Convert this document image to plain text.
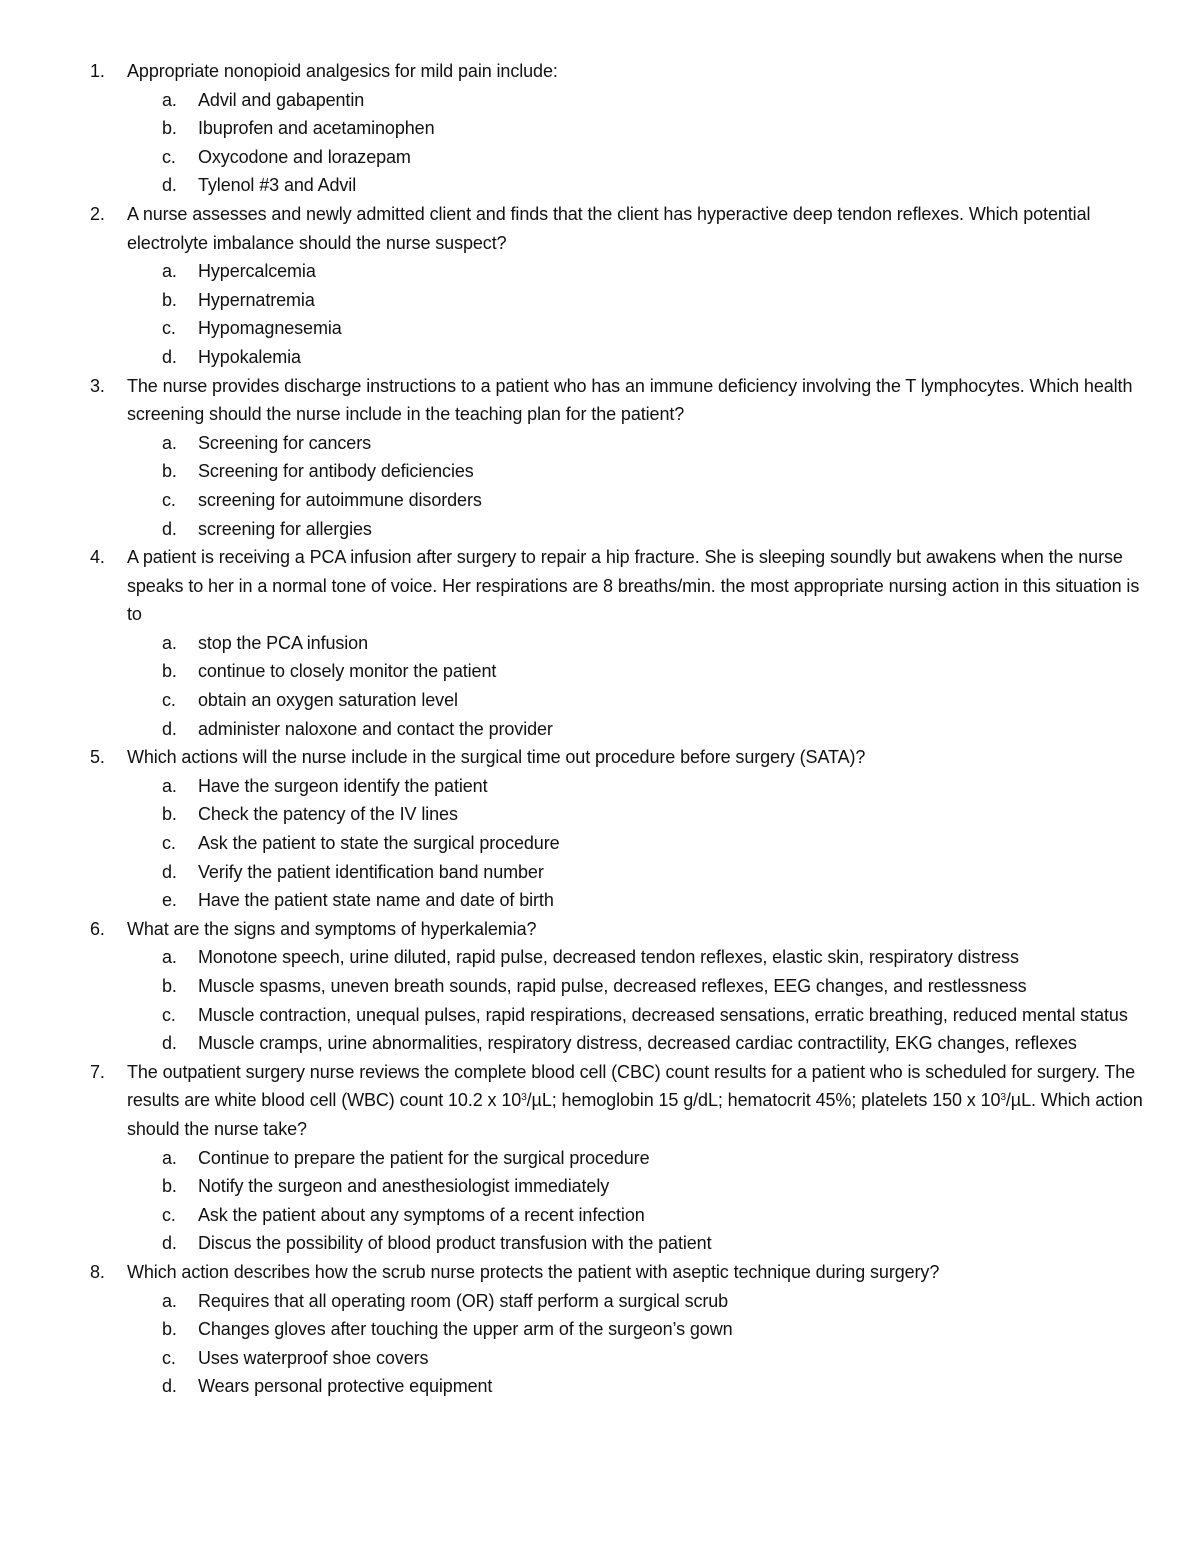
1. Appropriate nonopioid analgesics for mild pain include:
a. Advil and gabapentin
b. Ibuprofen and acetaminophen
c. Oxycodone and lorazepam
d. Tylenol #3 and Advil
2. A nurse assesses and newly admitted client and finds that the client has hyperactive deep tendon reflexes. Which potential electrolyte imbalance should the nurse suspect?
a. Hypercalcemia
b. Hypernatremia
c. Hypomagnesemia
d. Hypokalemia
3. The nurse provides discharge instructions to a patient who has an immune deficiency involving the T lymphocytes. Which health screening should the nurse include in the teaching plan for the patient?
a. Screening for cancers
b. Screening for antibody deficiencies
c. screening for autoimmune disorders
d. screening for allergies
4. A patient is receiving a PCA infusion after surgery to repair a hip fracture. She is sleeping soundly but awakens when the nurse speaks to her in a normal tone of voice. Her respirations are 8 breaths/min. the most appropriate nursing action in this situation is to
a. stop the PCA infusion
b. continue to closely monitor the patient
c. obtain an oxygen saturation level
d. administer naloxone and contact the provider
5. Which actions will the nurse include in the surgical time out procedure before surgery (SATA)?
a. Have the surgeon identify the patient
b. Check the patency of the IV lines
c. Ask the patient to state the surgical procedure
d. Verify the patient identification band number
e. Have the patient state name and date of birth
6. What are the signs and symptoms of hyperkalemia?
a. Monotone speech, urine diluted, rapid pulse, decreased tendon reflexes, elastic skin, respiratory distress
b. Muscle spasms, uneven breath sounds, rapid pulse, decreased reflexes, EEG changes, and restlessness
c. Muscle contraction, unequal pulses, rapid respirations, decreased sensations, erratic breathing, reduced mental status
d. Muscle cramps, urine abnormalities, respiratory distress, decreased cardiac contractility, EKG changes, reflexes
7. The outpatient surgery nurse reviews the complete blood cell (CBC) count results for a patient who is scheduled for surgery. The results are white blood cell (WBC) count 10.2 x $10^3/\mu L$; hemoglobin 15 g/dL; hematocrit 45%; platelets 150 x $10^3/\mu L$. Which action should the nurse take?
a. Continue to prepare the patient for the surgical procedure
b. Notify the surgeon and anesthesiologist immediately
c. Ask the patient about any symptoms of a recent infection
d. Discus the possibility of blood product transfusion with the patient
8. Which action describes how the scrub nurse protects the patient with aseptic technique during surgery?
a. Requires that all operating room (OR) staff perform a surgical scrub
b. Changes gloves after touching the upper arm of the surgeon’s gown
c. Uses waterproof shoe covers
d. Wears personal protective equipment
